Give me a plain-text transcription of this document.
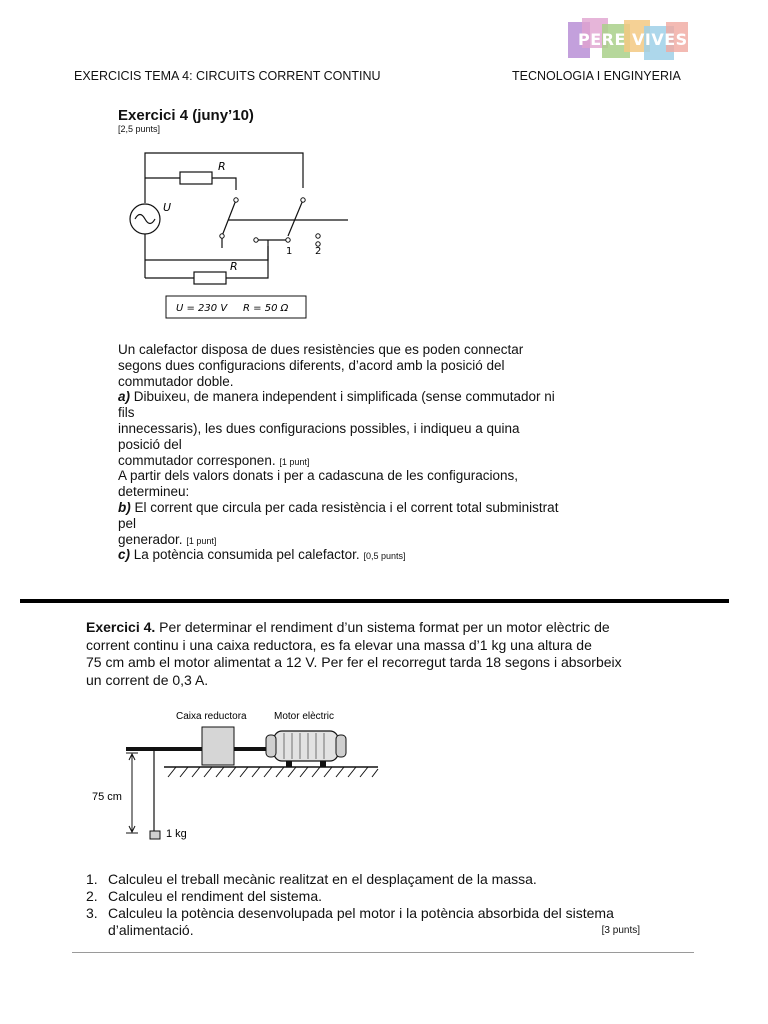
PERE VIVES
EXERCICIS TEMA 4: CIRCUITS CORRENT CONTINU	TECNOLOGIA I ENGINYERIA
Exercici 4 (juny’10)
[2,5 punts]
R
R
U
1 2
U = 230 V     R = 50 Ω
Un calefactor disposa de dues resistències que es poden connectar
segons dues configuracions diferents, d’acord amb la posició del
commutador doble.
a) Dibuixeu, de manera independent i simplificada (sense commutador ni
fils
innecessaris), les dues configuracions possibles, i indiqueu a quina
posició del
commutador corresponen. [1 punt]
A partir dels valors donats i per a cadascuna de les configuracions,
determineu:
b) El corrent que circula per cada resistència i el corrent total subministrat
pel
generador. [1 punt]
c) La potència consumida pel calefactor. [0,5 punts]
Exercici 4.
Per determinar el rendiment d’un sistema format per un motor elèctric de
corrent continu i una caixa reductora, es fa elevar una massa d’1 kg una altura de
75 cm amb el motor alimentat a 12 V. Per fer el recorregut tarda 18 segons i absorbeix
un corrent de 0,3 A.
Caixa reductora	Motor elèctric
75 cm
1 kg
1. Calculeu el treball mecànic realitzat en el desplaçament de la massa.
2. Calculeu el rendiment del sistema.
3. Calculeu la potència desenvolupada pel motor i la potència absorbida del sistema
d’alimentació.	[3 punts]
